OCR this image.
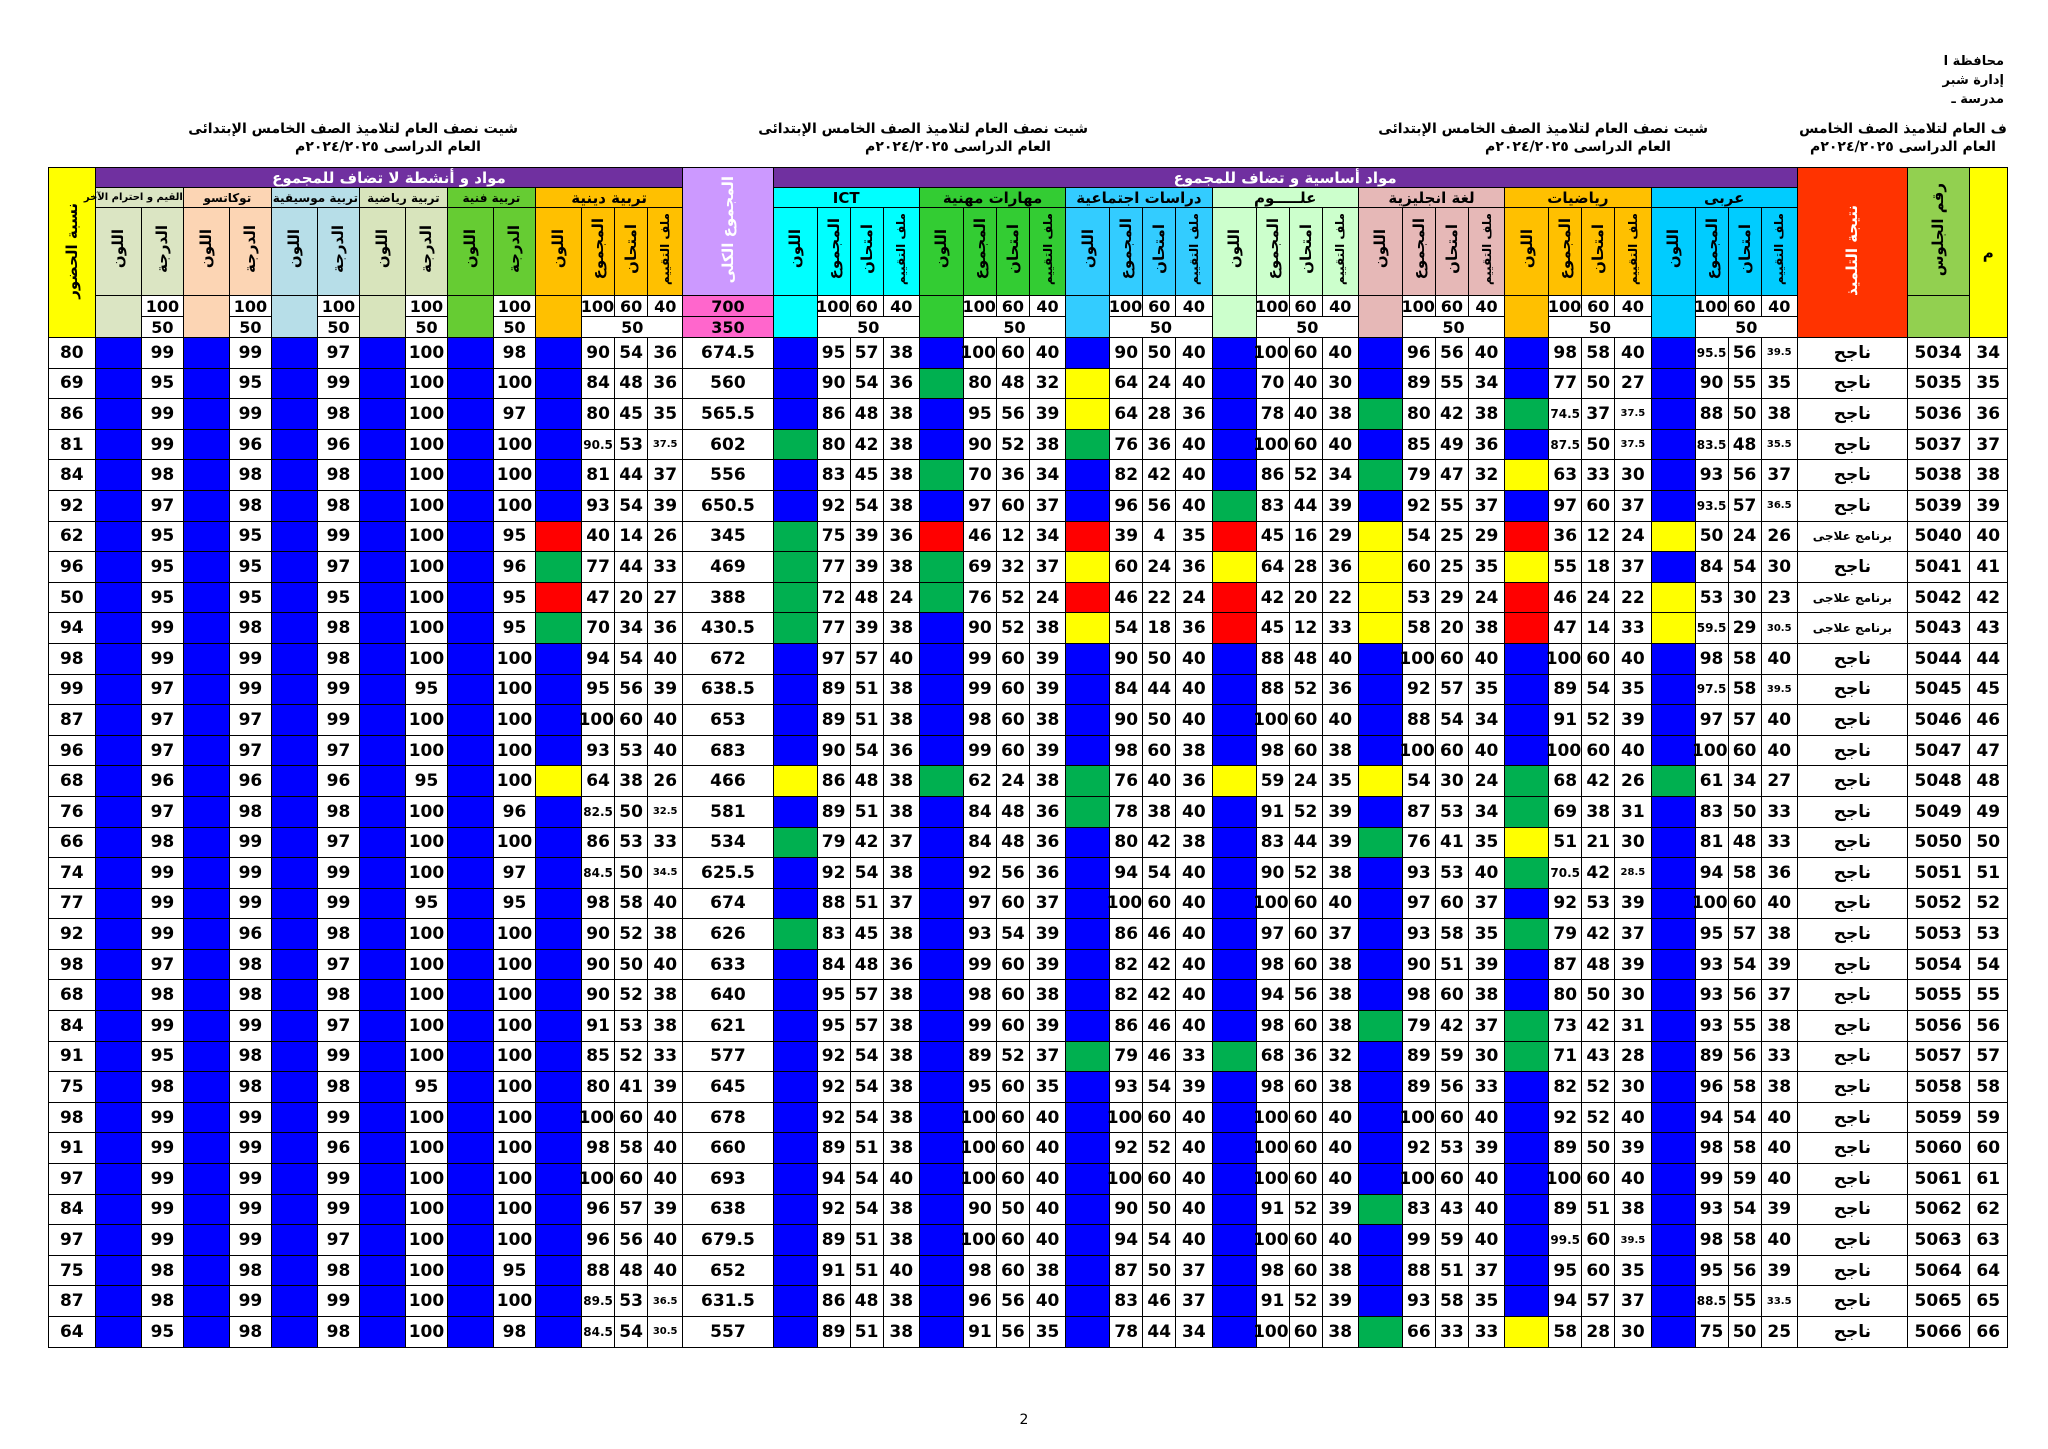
محافظة ا
إدارة شبر
مدرسة ـ
شيت نصف العام لتلاميذ الصف الخامس الإبتدائى
العام الدراسى ٢٠٢٤/٢٠٢٥م
شيت نصف العام لتلاميذ الصف الخامس الإبتدائى
العام الدراسى ٢٠٢٤/٢٠٢٥م
شيت نصف العام لتلاميذ الصف الخامس الإبتدائى
العام الدراسى ٢٠٢٤/٢٠٢٥م
ف العام لتلاميذ الصف الخامس
العام الدراسى ٢٠٢٤/٢٠٢٥م
م	رقم الجلوس	نتيجة التلميذ	مواد أساسية و تضاف للمجموع																												المجموع الكلى	مواد و أنشطة لا تضاف للمجموع														نسبة الحضور
			عربى				رياضيات				لغة انجليزية				علـــــوم				دراسات اجتماعية				مهارات مهنية				ICT					تربية دينية				تربية فنية		تربية رياضية		تربية موسيقية		توكاتسو		القيم و احترام الآخر		
			ملف التقييم	امتحان	المجموع	اللون	ملف التقييم	امتحان	المجموع	اللون	ملف التقييم	امتحان	المجموع	اللون	ملف التقييم	امتحان	المجموع	اللون	ملف التقييم	امتحان	المجموع	اللون	ملف التقييم	امتحان	المجموع	اللون	ملف التقييم	امتحان	المجموع	اللون		ملف التقييم	امتحان	المجموع	اللون	الدرجة	اللون	الدرجة	اللون	الدرجة	اللون	الدرجة	اللون	الدرجة	اللون	
			40	60	100		40	60	100		40	60	100		40	60	100		40	60	100		40	60	100		40	60	100		700	40	60	100		100		100		100		100		100		
			50				50				50				50				50				50				50				350	50				50		50		50		50		50		
34	5034	ناجح	39.5	56	95.5		40	58	98		40	56	96		40	60	100		40	50	90		40	60	100		38	57	95		674.5	36	54	90		98		100		97		99		99		80
35	5035	ناجح	35	55	90		27	50	77		34	55	89		30	40	70		40	24	64		32	48	80		36	54	90		560	36	48	84		100		100		99		95		95		69
36	5036	ناجح	38	50	88		37.5	37	74.5		38	42	80		38	40	78		36	28	64		39	56	95		38	48	86		565.5	35	45	80		97		100		98		99		99		86
37	5037	ناجح	35.5	48	83.5		37.5	50	87.5		36	49	85		40	60	100		40	36	76		38	52	90		38	42	80		602	37.5	53	90.5		100		100		96		96		99		81
38	5038	ناجح	37	56	93		30	33	63		32	47	79		34	52	86		40	42	82		34	36	70		38	45	83		556	37	44	81		100		100		98		98		98		84
39	5039	ناجح	36.5	57	93.5		37	60	97		37	55	92		39	44	83		40	56	96		37	60	97		38	54	92		650.5	39	54	93		100		100		98		98		97		92
40	5040	برنامج علاجى	26	24	50		24	12	36		29	25	54		29	16	45		35	4	39		34	12	46		36	39	75		345	26	14	40		95		100		99		95		95		62
41	5041	ناجح	30	54	84		37	18	55		35	25	60		36	28	64		36	24	60		37	32	69		38	39	77		469	33	44	77		96		100		97		95		95		96
42	5042	برنامج علاجى	23	30	53		22	24	46		24	29	53		22	20	42		24	22	46		24	52	76		24	48	72		388	27	20	47		95		100		95		95		95		50
43	5043	برنامج علاجى	30.5	29	59.5		33	14	47		38	20	58		33	12	45		36	18	54		38	52	90		38	39	77		430.5	36	34	70		95		100		98		98		99		94
44	5044	ناجح	40	58	98		40	60	100		40	60	100		40	48	88		40	50	90		39	60	99		40	57	97		672	40	54	94		100		100		98		99		99		98
45	5045	ناجح	39.5	58	97.5		35	54	89		35	57	92		36	52	88		40	44	84		39	60	99		38	51	89		638.5	39	56	95		100		95		99		99		97		99
46	5046	ناجح	40	57	97		39	52	91		34	54	88		40	60	100		40	50	90		38	60	98		38	51	89		653	40	60	100		100		100		99		97		97		87
47	5047	ناجح	40	60	100		40	60	100		40	60	100		38	60	98		38	60	98		39	60	99		36	54	90		683	40	53	93		100		100		97		97		97		96
48	5048	ناجح	27	34	61		26	42	68		24	30	54		35	24	59		36	40	76		38	24	62		38	48	86		466	26	38	64		100		95		96		96		96		68
49	5049	ناجح	33	50	83		31	38	69		34	53	87		39	52	91		40	38	78		36	48	84		38	51	89		581	32.5	50	82.5		96		100		98		98		97		76
50	5050	ناجح	33	48	81		30	21	51		35	41	76		39	44	83		38	42	80		36	48	84		37	42	79		534	33	53	86		100		100		97		99		98		66
51	5051	ناجح	36	58	94		28.5	42	70.5		40	53	93		38	52	90		40	54	94		36	56	92		38	54	92		625.5	34.5	50	84.5		97		100		99		99		99		74
52	5052	ناجح	40	60	100		39	53	92		37	60	97		40	60	100		40	60	100		37	60	97		37	51	88		674	40	58	98		95		95		99		99		99		77
53	5053	ناجح	38	57	95		37	42	79		35	58	93		37	60	97		40	46	86		39	54	93		38	45	83		626	38	52	90		100		100		98		96		99		92
54	5054	ناجح	39	54	93		39	48	87		39	51	90		38	60	98		40	42	82		39	60	99		36	48	84		633	40	50	90		100		100		97		98		97		98
55	5055	ناجح	37	56	93		30	50	80		38	60	98		38	56	94		40	42	82		38	60	98		38	57	95		640	38	52	90		100		100		98		98		98		68
56	5056	ناجح	38	55	93		31	42	73		37	42	79		38	60	98		40	46	86		39	60	99		38	57	95		621	38	53	91		100		100		97		99		99		84
57	5057	ناجح	33	56	89		28	43	71		30	59	89		32	36	68		33	46	79		37	52	89		38	54	92		577	33	52	85		100		100		99		98		95		91
58	5058	ناجح	38	58	96		30	52	82		33	56	89		38	60	98		39	54	93		35	60	95		38	54	92		645	39	41	80		100		95		98		98		98		75
59	5059	ناجح	40	54	94		40	52	92		40	60	100		40	60	100		40	60	100		40	60	100		38	54	92		678	40	60	100		100		100		99		99		99		98
60	5060	ناجح	40	58	98		39	50	89		39	53	92		40	60	100		40	52	92		40	60	100		38	51	89		660	40	58	98		100		100		96		99		99		91
61	5061	ناجح	40	59	99		40	60	100		40	60	100		40	60	100		40	60	100		40	60	100		40	54	94		693	40	60	100		100		100		99		99		99		97
62	5062	ناجح	39	54	93		38	51	89		40	43	83		39	52	91		40	50	90		40	50	90		38	54	92		638	39	57	96		100		100		99		99		99		84
63	5063	ناجح	40	58	98		39.5	60	99.5		40	59	99		40	60	100		40	54	94		40	60	100		38	51	89		679.5	40	56	96		100		100		97		99		99		97
64	5064	ناجح	39	56	95		35	60	95		37	51	88		38	60	98		37	50	87		38	60	98		40	51	91		652	40	48	88		95		100		98		98		98		75
65	5065	ناجح	33.5	55	88.5		37	57	94		35	58	93		39	52	91		37	46	83		40	56	96		38	48	86		631.5	36.5	53	89.5		100		100		99		99		98		87
66	5066	ناجح	25	50	75		30	28	58		33	33	66		38	60	100		34	44	78		35	56	91		38	51	89		557	30.5	54	84.5		98		100		98		98		95		64
2
